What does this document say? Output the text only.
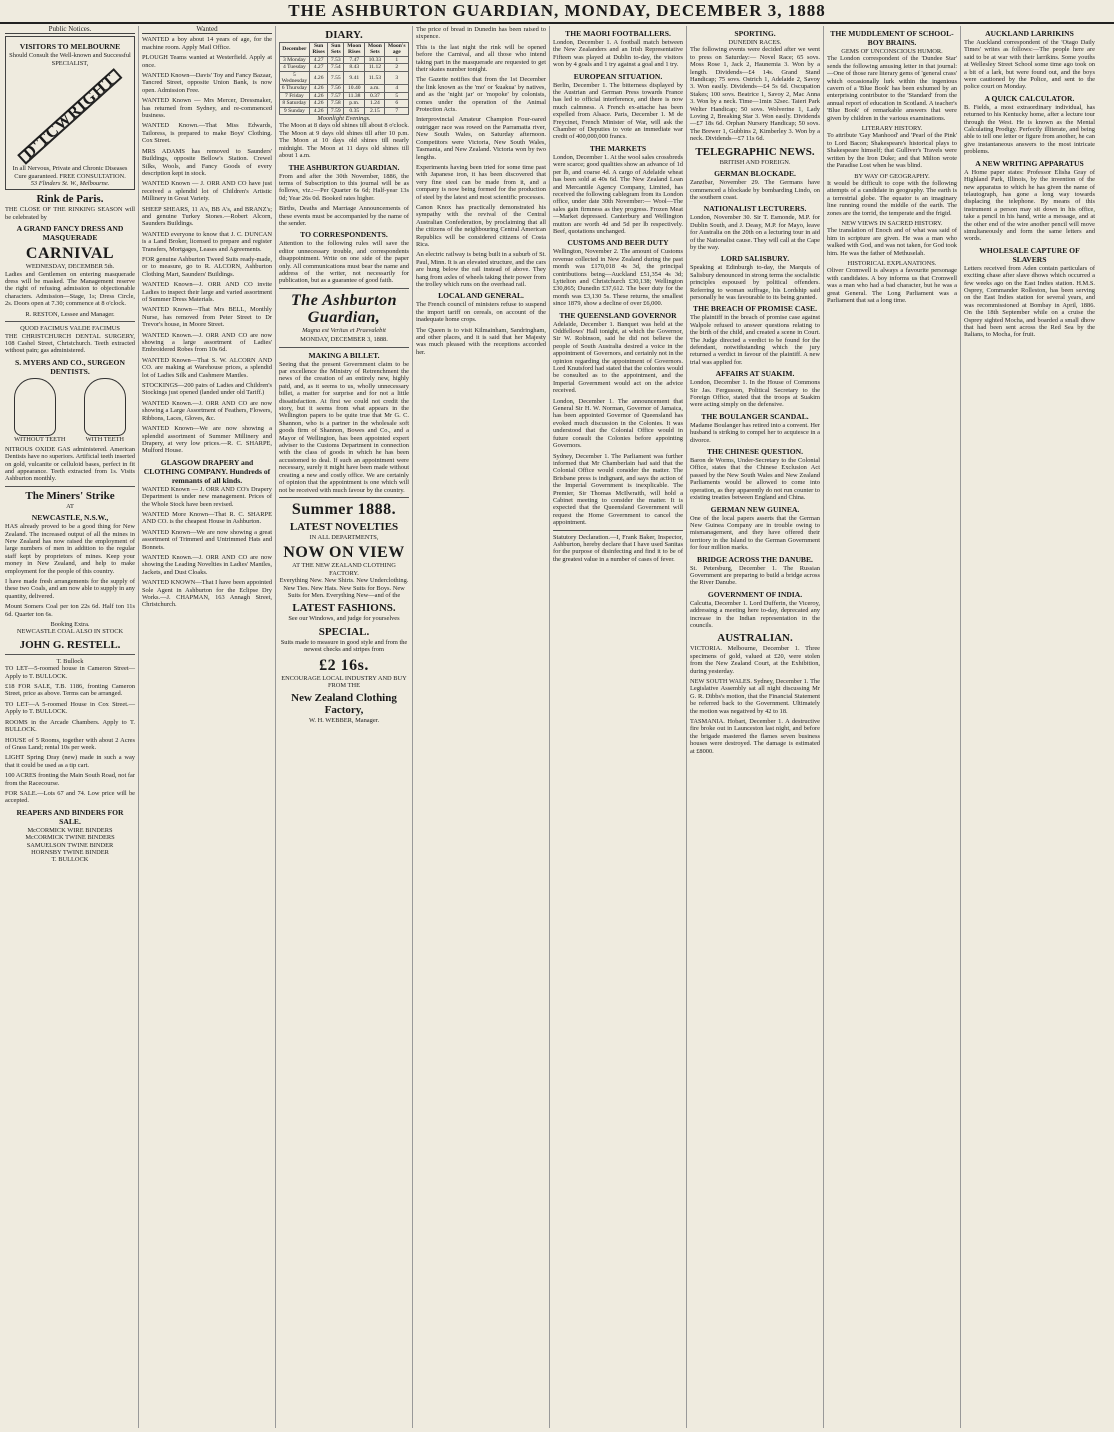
THE ASHBURTON GUARDIAN, MONDAY, DECEMBER 3, 1888
Public Notices.
VISITORS TO MELBOURNE
Should Consult the Well-known and Successful SPECIALIST,
D'TCWRIGHT
In all Nervous, Private and Chronic Diseases
Cure guaranteed. FREE CONSULTATION.
53 Flinders St. W., Melbourne.
Rink de Paris.

THE CLOSE OF THE RINKING SEASON will be celebrated by

A GRAND FANCY DRESS AND MASQUERADE
CARNIVAL
WEDNESDAY, DECEMBER 5th.

Ladies and Gentlemen on entering masquerade dress will be masked. The Management reserve the right of refusing admission to objectionable characters. Admission—Stage, 1s; Dress Circle, 2s. Doors open at 7.30; commence at 8 o'clock.

R. RESTON, Lessee and Manager.
QUOD FACIMUS VALDE FACIMUS

THE CHRISTCHURCH DENTAL SURGERY, 108 Cashel Street, Christchurch. Teeth extracted without pain; gas administered.

S. MYERS AND CO., SURGEON DENTISTS.
WITHOUT TEETH	WITH TEETH

NITROUS OXIDE GAS administered. American Dentists have no superiors. Artificial teeth inserted on gold, vulcanite or celluloid bases, perfect in fit and appearance. Teeth extracted from 1s. Visits Ashburton monthly.

The Miners' Strike
AT
NEWCASTLE, N.S.W.,

HAS already proved to be a good thing for New Zealand. The increased output of all the mines in New Zealand has now raised the employment of large numbers of men in addition to the regular staff kept by proprietors of mines. Keep your money in New Zealand, and help to make employment for the people of this country.

I have made fresh arrangements for the supply of these two Coals, and am now able to supply in any quantity, delivered.

Mount Somers Coal per ton 22s 6d. Half ton 11s 6d. Quarter ton 6s.

Booking Extra.
NEWCASTLE COAL ALSO IN STOCK
JOHN G. RESTELL.
T. Bullock

TO LET—5-roomed house in Cameron Street—Apply to T. BULLOCK.

£18 FOR SALE, T.B. 1186, fronting Cameron Street, price as above. Terms can be arranged.

TO LET—A 5-roomed House in Cox Street.—Apply to T. BULLOCK.

ROOMS in the Arcade Chambers. Apply to T. BULLOCK.

HOUSE of 5 Rooms, together with about 2 Acres of Grass Land; rental 10s per week.

LIGHT Spring Dray (new) made in such a way that it could be used as a tip cart.

100 ACRES fronting the Main South Road, not far from the Racecourse.

FOR SALE.—Lots 67 and 74. Low price will be accepted.

REAPERS AND BINDERS FOR SALE.
McCORMICK WIRE BINDERS
McCORMICK TWINE BINDERS
SAMUELSON TWINE BINDER
HORNSBY TWINE BINDER
T. BULLOCK
Wanted

WANTED a boy about 14 years of age, for the machine room. Apply Mail Office.

PLOUGH Teams wanted at Westerfield. Apply at once.

WANTED Known—Davis' Toy and Fancy Bazaar, Tancred Street, opposite Union Bank, is now open. Admission Free.

WANTED Known — Mrs Mercer, Dressmaker, has returned from Sydney, and re-commenced business.

WANTED Known.—That Miss Edwards, Tailoress, is prepared to make Boys' Clothing. Cox Street.

MRS ADAMS has removed to Saunders' Buildings, opposite Bellow's Station. Crewel Silks, Wools, and Fancy Goods of every description kept in stock.

WANTED Known — J. ORR AND CO have just received a splendid lot of Children's Artistic Millinery in Great Variety.

SHEEP SHEARS, 11 A's, BB A's, and BRANZ's; and genuine Turkey Stones.—Robert Alcorn, Saunders Buildings.

WANTED everyone to know that J. C. DUNCAN is a Land Broker, licensed to prepare and register Transfers, Mortgages, Leases and Agreements.

FOR genuine Ashburton Tweed Suits ready-made, or to measure, go to R. ALCORN, Ashburton Clothing Mart, Saunders' Buildings.

WANTED Known—J. ORR AND CO invite Ladies to inspect their large and varied assortment of Summer Dress Materials.

WANTED Known—That Mrs BELL, Monthly Nurse, has removed from Peter Street to Dr Trevor's house, in Moore Street.

WANTED Known.—J. ORR AND CO are now showing a large assortment of Ladies' Embroidered Robes from 10s 6d.

WANTED Known—That S. W. ALCORN AND CO. are making at Warehouse prices, a splendid lot of Ladies Silk and Cashmere Mantles.

STOCKINGS—200 pairs of Ladies and Children's Stockings just opened (landed under old Tariff.)

WANTED Known.—J. ORR AND CO are now showing a Large Assortment of Feathers, Flowers, Ribbons, Laces, Gloves, &c.

WANTED Known—We are now showing a splendid assortment of Summer Millinery and Drapery, at very low prices.—R. C. SHARPE, Mulford House.

GLASGOW DRAPERY and CLOTHING COMPANY. Hundreds of remnants of all kinds.

WANTED Known — J. ORR AND CO's Drapery Department is under new management. Prices of the Whole Stock have been revised.

WANTED More Known—That R. C. SHARPE AND CO. is the cheapest House in Ashburton.

WANTED Known—We are now showing a great assortment of Trimmed and Untrimmed Hats and Bonnets.

WANTED Known.—J. ORR AND CO are now showing the Leading Novelties in Ladies' Mantles, Jackets, and Dust Cloaks.

WANTED KNOWN—That I have been appointed Sole Agent in Ashburton for the Eclipse Dry Works.—J. CHAPMAN, 163 Annagh Street, Christchurch.

DIARY.
December	Sun Rises	Sun Sets	Moon Rises	Moon Sets	Moon's age
3 Monday	4.27	7.53	7.47	10.33	1
4 Tuesday	4.27	7.54	8.43	11.12	2
5 Wednesday	4.26	7.55	9.41	11.53	3
6 Thursday	4.26	7.56	10.40	a.m.	4
7 Friday	4.26	7.57	11.38	0.37	5
8 Saturday	4.26	7.58	p.m.	1.24	6
9 Sunday	4.26	7.59	0.35	2.15	7
Moonlight Evenings.

The Moon at 8 days old shines till about 8 o'clock. The Moon at 9 days old shines till after 10 p.m. The Moon at 10 days old shines till nearly midnight. The Moon at 11 days old shines till about 1 a.m.

THE ASHBURTON GUARDIAN.

From and after the 30th November, 1886, the terms of Subscription to this journal will be as follows, viz.:—Per Quarter 6s 6d; Half-year 13s 0d; Year 26s 0d. Booked rates higher.

Births, Deaths and Marriage Announcements of these events must be accompanied by the name of the sender.

TO CORRESPONDENTS.

Attention to the following rules will save the editor unnecessary trouble, and correspondents disappointment. Write on one side of the paper only. All communications must bear the name and address of the writer, not necessarily for publication, but as a guarantee of good faith.

The Ashburton Guardian,
Magna est Veritas et Praevalebit
MONDAY, DECEMBER 3, 1888.
MAKING A BILLET.

Seeing that the present Government claim to be par excellence the Ministry of Retrenchment the news of the creation of an entirely new, highly paid, and, as it seems to us, wholly unnecessary billet, a matter for surprise and for not a little dissatisfaction. At first we could not credit the story, but it seems from what appears in the Wellington papers to be quite true that Mr G. C. Shannon, who is a partner in the wholesale soft goods firm of Shannon, Bowes and Co., and a Mayor of Wellington, has been appointed expert adviser to the Customs Department in connection with the class of goods in which he has been accustomed to deal. If such an appointment were necessary, surely it might have been made without creating a new and costly office. We are certainly of opinion that the appointment is one which will not be received with much favour by the country.

Summer 1888.
LATEST NOVELTIES
IN ALL DEPARTMENTS,
NOW ON VIEW
AT THE NEW ZEALAND CLOTHING FACTORY.

Everything New. New Shirts. New Underclothing. New Ties. New Hats. New Suits for Boys. New Suits for Men. Everything New—and of the

LATEST FASHIONS.
See our Windows, and judge for yourselves
SPECIAL.

Suits made to measure in good style and from the newest checks and stripes from

£2 16s.
ENCOURAGE LOCAL INDUSTRY AND BUY FROM THE
New Zealand Clothing Factory,
W. H. WEBBER, Manager.

The price of bread in Dunedin has been raised to sixpence.

This is the last night the rink will be opened before the Carnival, and all those who intend taking part in the masquerade are requested to get their skates number tonight.

The Gazette notifies that from the 1st December the link known as the 'mo' or 'kuakua' by natives, and as the 'night jar' or 'mopoke' by colonists, comes under the operation of the Animal Protection Acts.

Interprovincial Amateur Champion Four-oared outrigger race was rowed on the Parramatta river, New South Wales, on Saturday afternoon. Competitors were Victoria, New South Wales, Tasmania, and New Zealand. Victoria won by two lengths.

Experiments having been tried for some time past with Japanese iron, it has been discovered that very fine steel can be made from it, and a company is now being formed for the production of steel by the latest and most scientific processes.

Canon Knox has practically demonstrated his sympathy with the revival of the Central Australian Confederation, by proclaiming that all the citizens of the neighbouring Central American Republics will be considered citizens of Costa Rica.

An electric railway is being built in a suburb of St. Paul, Minn. It is an elevated structure, and the cars are hung below the rail instead of above. They hang from axles of wheels taking their power from the trolley which runs on the overhead rail.

LOCAL AND GENERAL.

The French council of ministers refuse to suspend the import tariff on cereals, on account of the inadequate home crops.

The Queen is to visit Kilmainham, Sandringham, and other places, and it is said that her Majesty was much pleased with the receptions accorded her.

THE MAORI FOOTBALLERS.

London, December 1. A football match between the New Zealanders and an Irish Representative Fifteen was played at Dublin to-day, the visitors won by 4 goals and 1 try against a goal and 1 try.

EUROPEAN SITUATION.

Berlin, December 1. The bitterness displayed by the Austrian and German Press towards France has led to official interference, and there is now much calmness. A French ex-attache has been expelled from Alsace. Paris, December 1. M de Freycinet, French Minister of War, will ask the Chamber of Deputies to vote an immediate war credit of 400,000,000 francs.

THE MARKETS

London, December 1. At the wool sales crossbreds were scarce; good qualities show an advance of 1d per lb, and coarse 4d. A cargo of Adelaide wheat has been sold at 40s 6d. The New Zealand Loan and Mercantile Agency Company, Limited, has received the following cablegram from its London office, under date 30th November:— Wool—The sales gain firmness as they progress. Frozen Meat—Market depressed. Canterbury and Wellington mutton are worth 4d and 5d per lb respectively. Beef, quotations unchanged.

CUSTOMS AND BEER DUTY

Wellington, November 2. The amount of Customs revenue collected in New Zealand during the past month was £170,018 4s 3d, the principal contributions being—Auckland £51,354 4s 3d; Lyttelton and Christchurch £30,138; Wellington £30,865; Dunedin £37,612. The beer duty for the month was £3,130 5s. These returns, the smallest since 1879, show a decline of over £6,000.

THE QUEENSLAND GOVERNOR

Adelaide, December 1. Banquet was held at the Oddfellows' Hall tonight, at which the Governor, Sir W. Robinson, said he did not believe the people of South Australia desired a voice in the appointment of Governors, and certainly not in the opinion regarding the appointment of Governors. Lord Knutsford had stated that the colonies would be consulted as to the appointment, and the Imperial Government would act on the advice received.

London, December 1. The announcement that General Sir H. W. Norman, Governor of Jamaica, has been appointed Governor of Queensland has evoked much discussion in the Colonies. It was understood that the Colonial Office would in future consult the Colonies before appointing Governors.

Sydney, December 1. The Parliament was further informed that Mr Chamberlain had said that the Colonial Office would consider the matter. The Brisbane press is indignant, and says the action of the Imperial Government is inexplicable. The Premier, Sir Thomas McIlwraith, will hold a Cabinet meeting to consider the matter. It is expected that the Queensland Government will request the Home Government to cancel the appointment.

Statutory Declaration.—I, Frank Baker, Inspector, Ashburton, hereby declare that I have used Sanitas for the purpose of disinfecting and find it to be of the greatest value in a number of cases of fever.

SPORTING.
DUNEDIN RACES.

The following events were decided after we went to press on Saturday:— Novel Race; 65 sovs. Moss Rose 1, Jack 2, Haunemia 3. Won by a length. Dividends—£4 14s. Grand Stand Handicap; 75 sovs. Ostrich 1, Adelaide 2, Savoy 3. Won easily. Dividends—£4 5s 6d. Oscupation Stakes; 100 sovs. Beatrice 1, Savoy 2, Mac Anna 3. Won by a neck. Time—1min 32sec. Taieri Park Welter Handicap; 50 sovs. Wolverine 1, Lady Loving 2, Breaking Star 3. Won easily. Dividends—£7 18s 6d. Orphan Nursery Handicap; 50 sovs. The Brewer 1, Gubbins 2, Kimberley 3. Won by a neck. Dividends—£7 11s 6d.

TELEGRAPHIC NEWS.
BRITISH AND FOREIGN.
GERMAN BLOCKADE.

Zanzibar, November 29. The Germans have commenced a blockade by bombarding Lindo, on the southern coast.

NATIONALIST LECTURERS.

London, November 30. Sir T. Esmonde, M.P. for Dublin South, and J. Deasy, M.P. for Mayo, leave for Australia on the 20th on a lecturing tour in aid of the Nationalist cause. They will call at the Cape by the way.

LORD SALISBURY.

Speaking at Edinburgh to-day, the Marquis of Salisbury denounced in strong terms the socialistic principles espoused by political offenders. Referring to woman suffrage, his Lordship said personally he was favourable to its being granted.

THE BREACH OF PROMISE CASE.

The plaintiff in the breach of promise case against Walpole refused to answer questions relating to the birth of the child, and created a scene in Court. The Judge directed a verdict to be found for the defendant, notwithstanding which the jury returned a verdict in favour of the plaintiff. A new trial was applied for.

AFFAIRS AT SUAKIM.

London, December 1. In the House of Commons Sir Jas. Fergusson, Political Secretary to the Foreign Office, stated that the troops at Suakim were acting simply on the defensive.

THE BOULANGER SCANDAL.

Madame Boulanger has retired into a convent. Her husband is striking to compel her to acquiesce in a divorce.

THE CHINESE QUESTION.

Baron de Worms, Under-Secretary to the Colonial Office, states that the Chinese Exclusion Act passed by the New South Wales and New Zealand Parliaments would be allowed to come into operation, as they apparently do not run counter to existing treaties between England and China.

GERMAN NEW GUINEA.

One of the local papers asserts that the German New Guinea Company are in trouble owing to mismanagement, and they have offered their territory in the Island to the German Government for four million marks.

BRIDGE ACROSS THE DANUBE.

St. Petersburg, December 1. The Russian Government are preparing to build a bridge across the River Danube.

GOVERNMENT OF INDIA.

Calcutta, December 1. Lord Dufferin, the Viceroy, addressing a meeting here to-day, deprecated any increase in the Indian representation in the councils.

AUSTRALIAN.

VICTORIA. Melbourne, December 1. Three specimens of gold, valued at £20, were stolen from the New Zealand Court, at the Exhibition, during yesterday.

NEW SOUTH WALES. Sydney, December 1. The Legislative Assembly sat all night discussing Mr G. R. Dibbs's motion, that the Financial Statement be referred back to the Government. Ultimately the motion was negatived by 42 to 18.

TASMANIA. Hobart, December 1. A destructive fire broke out in Launceston last night, and before the brigade mastered the flames seven business houses were destroyed. The damage is estimated at £8000.

THE MUDDLEMENT OF SCHOOL-BOY BRAINS.
GEMS OF UNCONSCIOUS HUMOR.

The London correspondent of the 'Dundee Star' sends the following amusing letter in that journal:—One of those rare literary gems of 'general crass' which occasionally lurk within the ingenious cavern of a 'Blue Book' has been exhumed by an enterprising contributor to the 'Standard' from the annual report of education in Scotland. A teacher's 'Blue Book' of remarkable answers that were given by children in the various examinations.

LITERARY HISTORY.

To attribute 'Gay Manhood' and 'Pearl of the Pink' to Lord Bacon; Shakespeare's historical plays to Shakespeare himself; that Gulliver's Travels were written by the Iron Duke; and that Milton wrote the Paradise Lost when he was blind.

BY WAY OF GEOGRAPHY.

It would be difficult to cope with the following attempts of a candidate in geography. The earth is a terrestrial globe. The equator is an imaginary line running round the middle of the earth. The zones are the torrid, the temperate and the frigid.

NEW VIEWS IN SACRED HISTORY.

The translation of Enoch and of what was said of him in scripture are given. He was a man who walked with God, and was not taken, for God took him. He was the father of Methuselah.

HISTORICAL EXPLANATIONS.

Oliver Cromwell is always a favourite personage with candidates. A boy informs us that Cromwell was a man who had a bad character, but he was a great General. The Long Parliament was a Parliament that sat a long time.

AUCKLAND LARRIKINS

The Auckland correspondent of the 'Otago Daily Times' writes as follows:—The people here are said to be at war with their larrikins. Some youths at Wellesley Street School some time ago took on a bit of a lark, but were found out, and the boys were cautioned by the Police, and sent to the police court on Monday.

A QUICK CALCULATOR.

B. Fields, a most extraordinary individual, has returned to his Kentucky home, after a lecture tour through the West. He is known as the Mental Calculating Prodigy. Perfectly illiterate, and being able to tell one letter or figure from another, he can give instantaneous answers to the most intricate problems.

A NEW WRITING APPARATUS

A Home paper states: Professor Elisha Gray of Highland Park, Illinois, by the invention of the new apparatus to which he has given the name of telautograph, has gone a long way towards displacing the telephone. By means of this instrument a person may sit down in his office, take a pencil in his hand, write a message, and at the other end of the wire another pencil will move simultaneously and form the same letters and words.

WHOLESALE CAPTURE OF SLAVERS

Letters received from Aden contain particulars of exciting chase after slave dhows which occurred a few weeks ago on the East Indies station. H.M.S. Osprey, Commander Rolleston, has been serving on the East Indies station for several years, and was recommissioned at Bombay in April, 1886. On the 18th September while on a cruise the Osprey sighted Mocha, and boarded a small dhow that had been sent across the Red Sea by the Italians, to Mocha, for fruit.
